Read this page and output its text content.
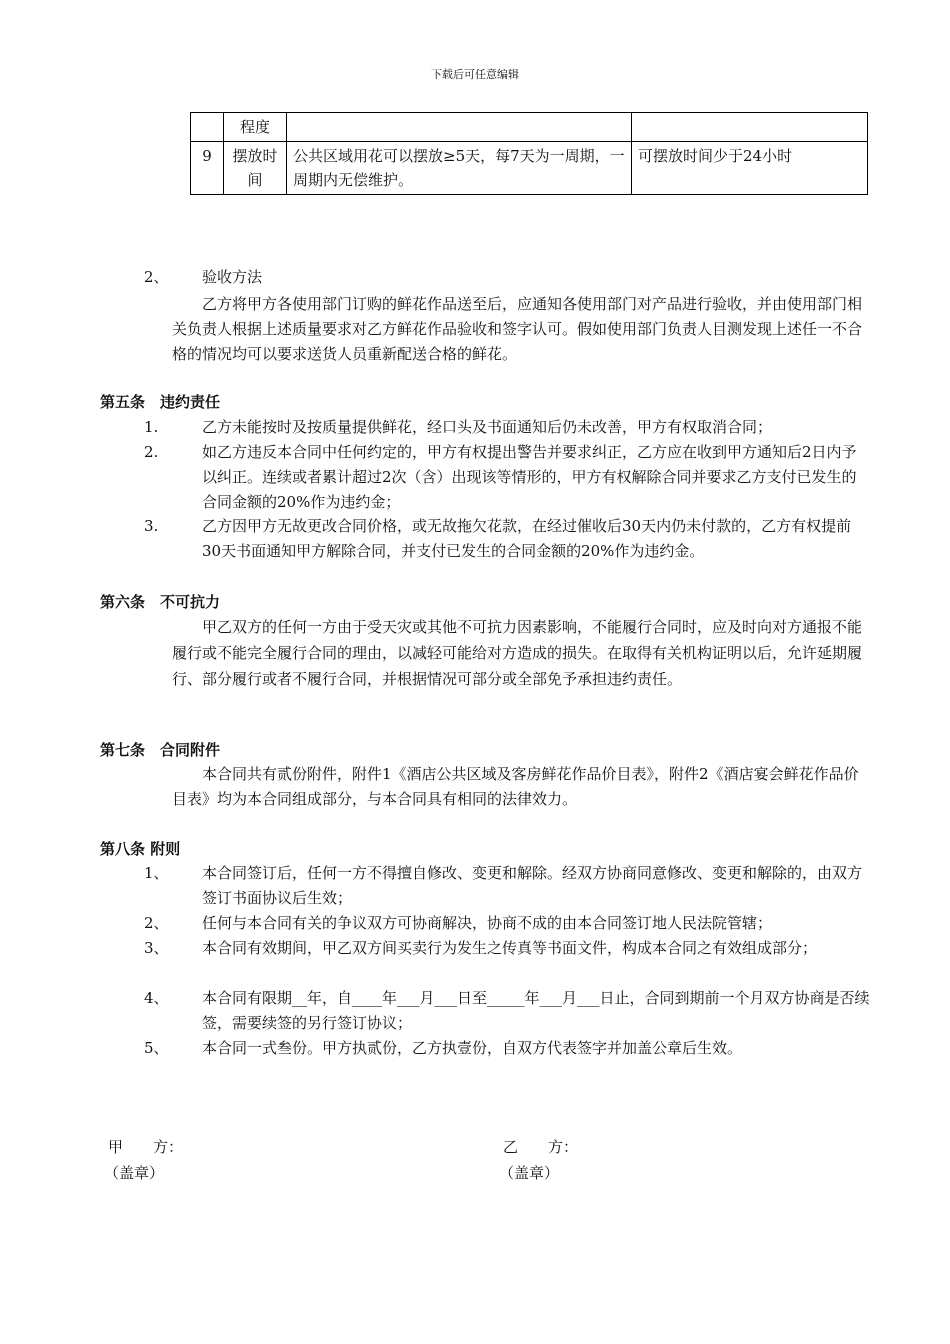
下载后可任意编辑
	程度		
9	摆放时间	公共区域用花可以摆放≥5天，每7天为一周期，一周期内无偿维护。	可摆放时间少于24小时
2、	验收方法
乙方将甲方各使用部门订购的鲜花作品送至后，应通知各使用部门对产品进行验收，并由使用部门相关负责人根据上述质量要求对乙方鲜花作品验收和签字认可。假如使用部门负责人目测发现上述任一不合格的情况均可以要求送货人员重新配送合格的鲜花。
第五条　违约责任
1.	乙方未能按时及按质量提供鲜花，经口头及书面通知后仍未改善，甲方有权取消合同；
2.	如乙方违反本合同中任何约定的，甲方有权提出警告并要求纠正，乙方应在收到甲方通知后2日内予以纠正。连续或者累计超过2次（含）出现该等情形的，甲方有权解除合同并要求乙方支付已发生的合同金额的20%作为违约金；
3.	乙方因甲方无故更改合同价格，或无故拖欠花款，在经过催收后30天内仍未付款的，乙方有权提前30天书面通知甲方解除合同，并支付已发生的合同金额的20%作为违约金。
第六条　不可抗力
甲乙双方的任何一方由于受天灾或其他不可抗力因素影响，不能履行合同时，应及时向对方通报不能履行或不能完全履行合同的理由，以减轻可能给对方造成的损失。在取得有关机构证明以后，允许延期履行、部分履行或者不履行合同，并根据情况可部分或全部免予承担违约责任。
第七条　合同附件
本合同共有贰份附件，附件1《酒店公共区域及客房鲜花作品价目表》，附件2《酒店宴会鲜花作品价目表》均为本合同组成部分，与本合同具有相同的法律效力。
第八条 附则
1、	本合同签订后，任何一方不得擅自修改、变更和解除。经双方协商同意修改、变更和解除的，由双方签订书面协议后生效；
2、	任何与本合同有关的争议双方可协商解决，协商不成的由本合同签订地人民法院管辖；
3、	本合同有效期间，甲乙双方间买卖行为发生之传真等书面文件，构成本合同之有效组成部分；
4、	本合同有限期__年，自____年___月___日至_____年___月___日止，合同到期前一个月双方协商是否续签，需要续签的另行签订协议；
5、	本合同一式叁份。甲方执贰份，乙方执壹份，自双方代表签字并加盖公章后生效。
甲　　方：
（盖章）
乙　　方：
（盖章）
